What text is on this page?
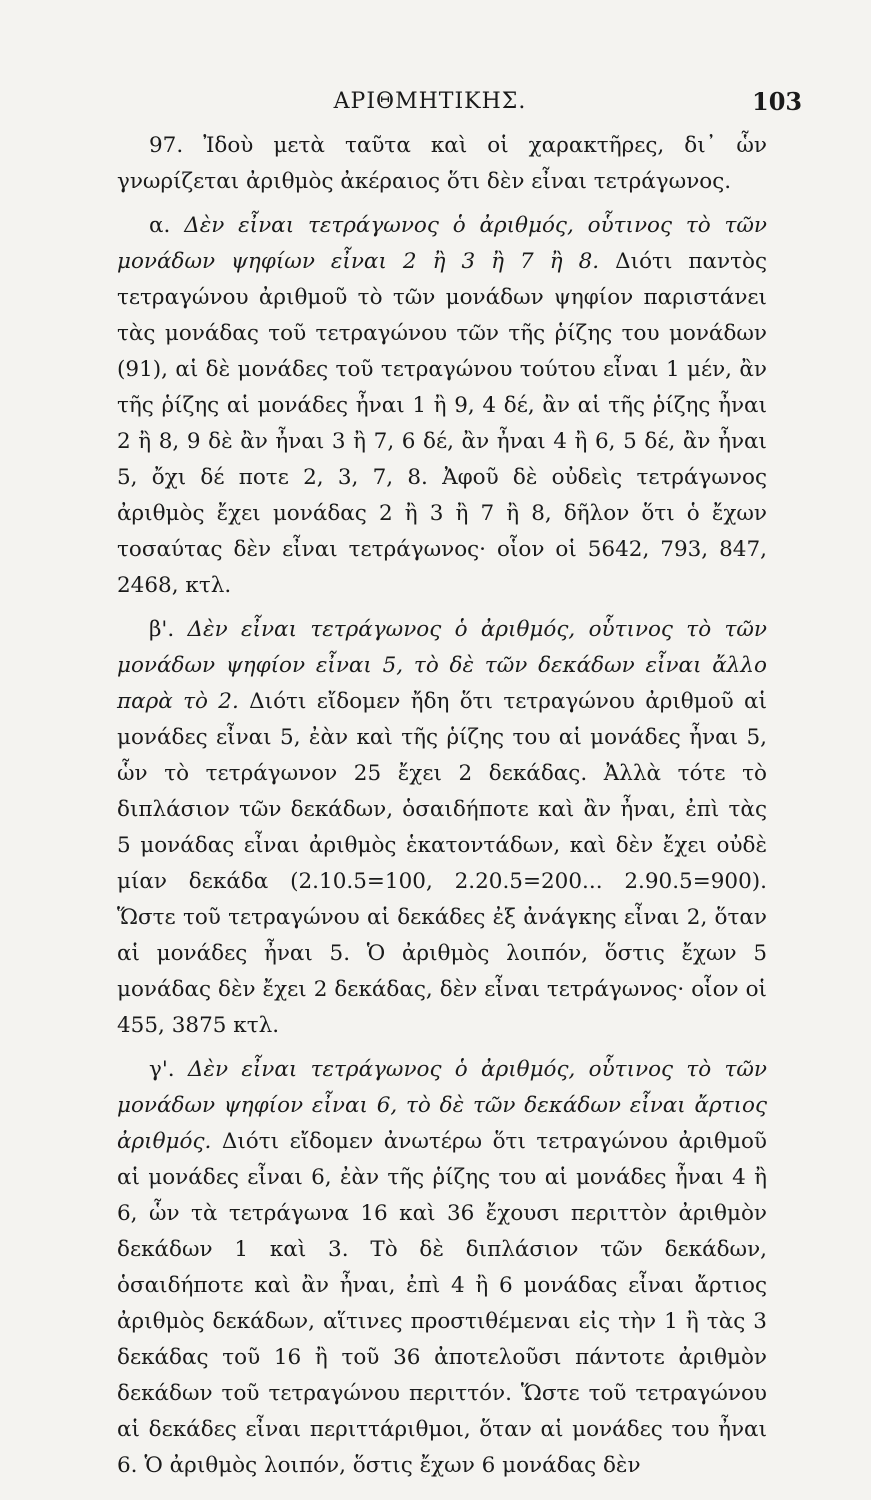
ΑΡΙΘΜΗΤΙΚΗΣ.	103

97. Ἰδοὺ μετὰ ταῦτα καὶ οἱ χαρακτῆρες, δι᾿ ὧν γνωρίζεται ἀριθμὸς ἀκέραιος ὅτι δὲν εἶναι τετράγωνος.

α. Δὲν εἶναι τετράγωνος ὁ ἀριθμός, οὗτινος τὸ τῶν μονάδων ψηφίων εἶναι 2 ἢ 3 ἢ 7 ἢ 8. Διότι παντὸς τετραγώνου ἀριθμοῦ τὸ τῶν μονάδων ψηφίον παριστάνει τὰς μονάδας τοῦ τετραγώνου τῶν τῆς ῥίζης του μονάδων (91), αἱ δὲ μονάδες τοῦ τετραγώνου τούτου εἶναι 1 μέν, ἂν τῆς ῥίζης αἱ μονάδες ἦναι 1 ἢ 9, 4 δέ, ἂν αἱ τῆς ῥίζης ἦναι 2 ἢ 8, 9 δὲ ἂν ἦναι 3 ἢ 7, 6 δέ, ἂν ἦναι 4 ἢ 6, 5 δέ, ἂν ἦναι 5, ὄχι δέ ποτε 2, 3, 7, 8. Ἀφοῦ δὲ οὐδεὶς τετράγωνος ἀριθμὸς ἔχει μονάδας 2 ἢ 3 ἢ 7 ἢ 8, δῆλον ὅτι ὁ ἔχων τοσαύτας δὲν εἶναι τετράγωνος· οἷον οἱ 5642, 793, 847, 2468, κτλ.

β'. Δὲν εἶναι τετράγωνος ὁ ἀριθμός, οὗτινος τὸ τῶν μονάδων ψηφίον εἶναι 5, τὸ δὲ τῶν δεκάδων εἶναι ἄλλο παρὰ τὸ 2. Διότι εἴδομεν ἤδη ὅτι τετραγώνου ἀριθμοῦ αἱ μονάδες εἶναι 5, ἐὰν καὶ τῆς ῥίζης του αἱ μονάδες ἦναι 5, ὧν τὸ τετράγωνον 25 ἔχει 2 δεκάδας. Ἀλλὰ τότε τὸ διπλάσιον τῶν δεκάδων, ὁσαιδήποτε καὶ ἂν ἦναι, ἐπὶ τὰς 5 μονάδας εἶναι ἀριθμὸς ἑκατοντάδων, καὶ δὲν ἔχει οὐδὲ μίαν δεκάδα (2.10.5=100, 2.20.5=200... 2.90.5=900). Ὥστε τοῦ τετραγώνου αἱ δεκάδες ἐξ ἀνάγκης εἶναι 2, ὅταν αἱ μονάδες ἦναι 5. Ὁ ἀριθμὸς λοιπόν, ὅστις ἔχων 5 μονάδας δὲν ἔχει 2 δεκάδας, δὲν εἶναι τετράγωνος· οἷον οἱ 455, 3875 κτλ.

γ'. Δὲν εἶναι τετράγωνος ὁ ἀριθμός, οὗτινος τὸ τῶν μονάδων ψηφίον εἶναι 6, τὸ δὲ τῶν δεκάδων εἶναι ἄρτιος ἀριθμός. Διότι εἴδομεν ἀνωτέρω ὅτι τετραγώνου ἀριθμοῦ αἱ μονάδες εἶναι 6, ἐὰν τῆς ῥίζης του αἱ μονάδες ἦναι 4 ἢ 6, ὧν τὰ τετράγωνα 16 καὶ 36 ἔχουσι περιττὸν ἀριθμὸν δεκάδων 1 καὶ 3. Τὸ δὲ διπλάσιον τῶν δεκάδων, ὁσαιδήποτε καὶ ἂν ἦναι, ἐπὶ 4 ἢ 6 μονάδας εἶναι ἄρτιος ἀριθμὸς δεκάδων, αἵτινες προστιθέμεναι εἰς τὴν 1 ἢ τὰς 3 δεκάδας τοῦ 16 ἢ τοῦ 36 ἀποτελοῦσι πάντοτε ἀριθμὸν δεκάδων τοῦ τετραγώνου περιττόν. Ὥστε τοῦ τετραγώνου αἱ δεκάδες εἶναι περιττάριθμοι, ὅταν αἱ μονάδες του ἦναι 6. Ὁ ἀριθμὸς λοιπόν, ὅστις ἔχων 6 μονάδας δὲν
